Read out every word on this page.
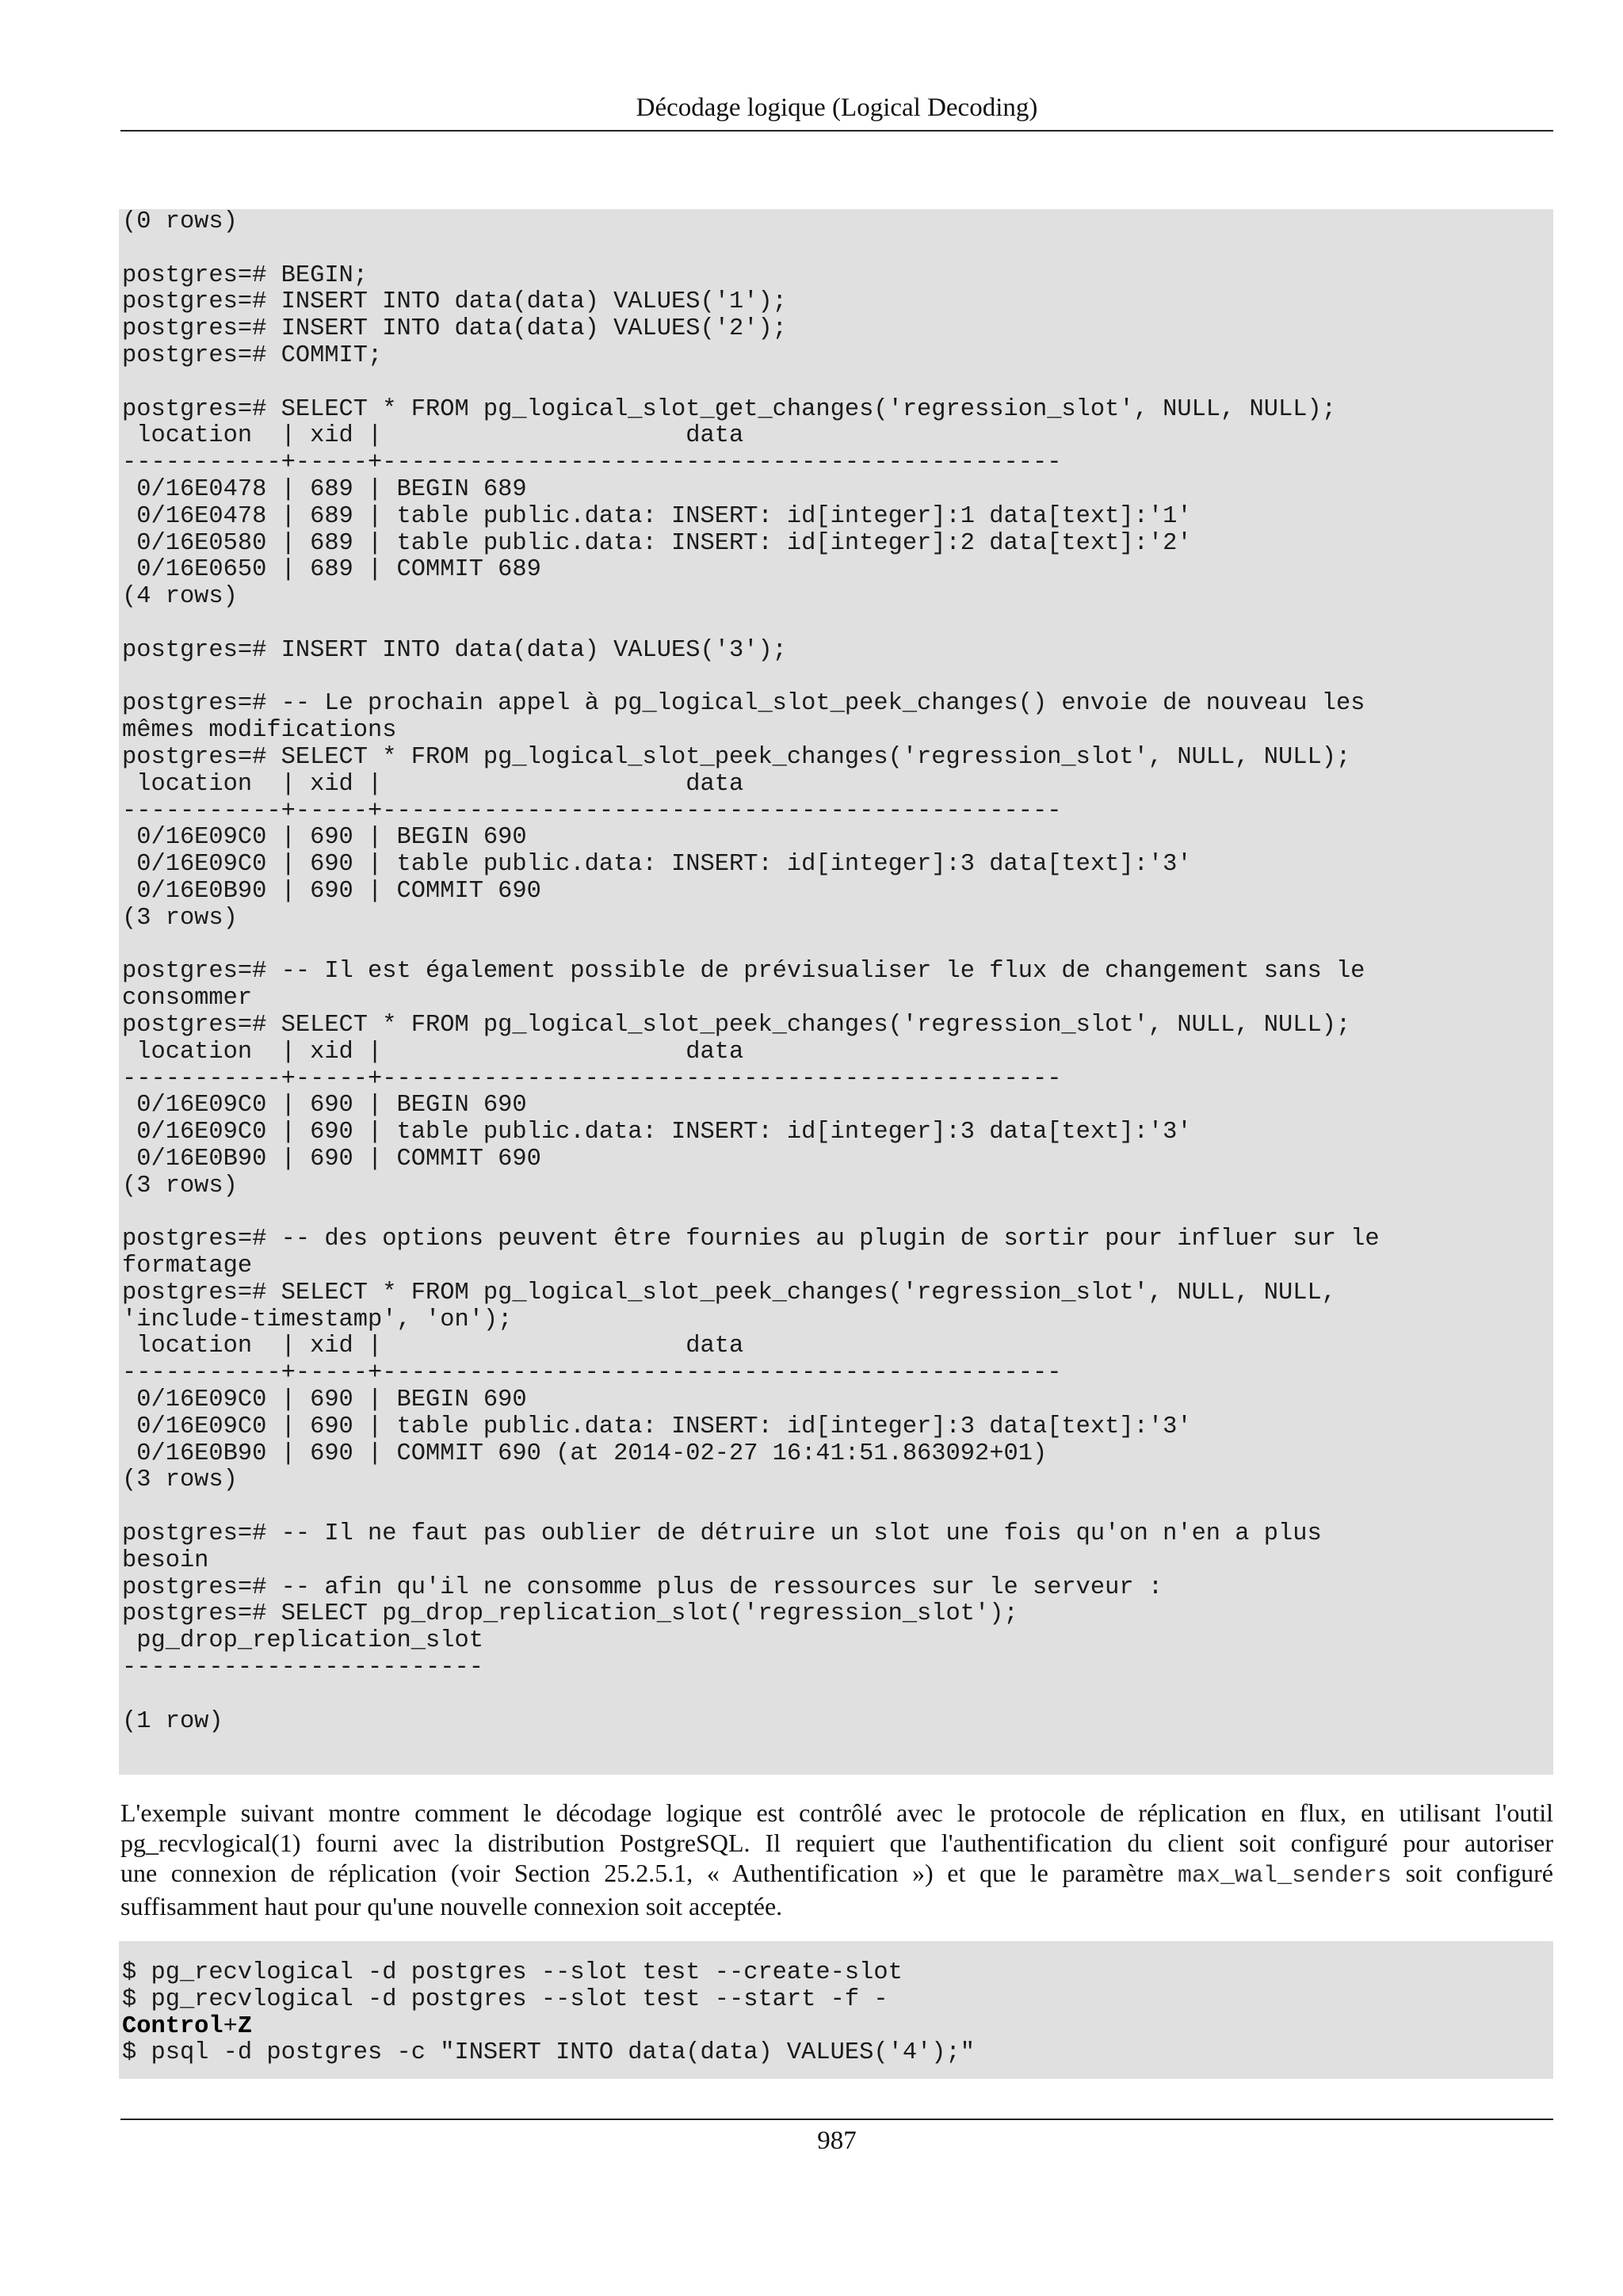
Décodage logique (Logical Decoding)
(0 rows)
postgres=# BEGIN;
postgres=# INSERT INTO data(data) VALUES('1');
postgres=# INSERT INTO data(data) VALUES('2');
postgres=# COMMIT;
postgres=# SELECT * FROM pg_logical_slot_get_changes('regression_slot', NULL, NULL);
location  | xid |                     data
-----------+-----+-----------------------------------------------
0/16E0478 | 689 | BEGIN 689
0/16E0478 | 689 | table public.data: INSERT: id[integer]:1 data[text]:'1'
0/16E0580 | 689 | table public.data: INSERT: id[integer]:2 data[text]:'2'
0/16E0650 | 689 | COMMIT 689
(4 rows)
postgres=# INSERT INTO data(data) VALUES('3');
postgres=# -- Le prochain appel à pg_logical_slot_peek_changes() envoie de nouveau les
mêmes modifications
postgres=# SELECT * FROM pg_logical_slot_peek_changes('regression_slot', NULL, NULL);
location  | xid |                     data
-----------+-----+-----------------------------------------------
0/16E09C0 | 690 | BEGIN 690
0/16E09C0 | 690 | table public.data: INSERT: id[integer]:3 data[text]:'3'
0/16E0B90 | 690 | COMMIT 690
(3 rows)
postgres=# -- Il est également possible de prévisualiser le flux de changement sans le
consommer
postgres=# SELECT * FROM pg_logical_slot_peek_changes('regression_slot', NULL, NULL);
location  | xid |                     data
-----------+-----+-----------------------------------------------
0/16E09C0 | 690 | BEGIN 690
0/16E09C0 | 690 | table public.data: INSERT: id[integer]:3 data[text]:'3'
0/16E0B90 | 690 | COMMIT 690
(3 rows)
postgres=# -- des options peuvent être fournies au plugin de sortir pour influer sur le
formatage
postgres=# SELECT * FROM pg_logical_slot_peek_changes('regression_slot', NULL, NULL,
'include-timestamp', 'on');
location  | xid |                     data
-----------+-----+-----------------------------------------------
0/16E09C0 | 690 | BEGIN 690
0/16E09C0 | 690 | table public.data: INSERT: id[integer]:3 data[text]:'3'
0/16E0B90 | 690 | COMMIT 690 (at 2014-02-27 16:41:51.863092+01)
(3 rows)
postgres=# -- Il ne faut pas oublier de détruire un slot une fois qu'on n'en a plus
besoin
postgres=# -- afin qu'il ne consomme plus de ressources sur le serveur :
postgres=# SELECT pg_drop_replication_slot('regression_slot');
pg_drop_replication_slot
-------------------------
(1 row)
L'exemple suivant montre comment le décodage logique est contrôlé avec le protocole de réplication en flux, en utilisant l'outil
pg_recvlogical(1) fourni avec la distribution PostgreSQL. Il requiert que l'authentification du client soit configuré pour autoriser
une connexion de réplication (voir Section 25.2.5.1, « Authentification ») et que le paramètre max_wal_senders soit configuré
suffisamment haut pour qu'une nouvelle connexion soit acceptée.
$ pg_recvlogical -d postgres --slot test --create-slot
$ pg_recvlogical -d postgres --slot test --start -f -
Control+Z
$ psql -d postgres -c "INSERT INTO data(data) VALUES('4');"
987
